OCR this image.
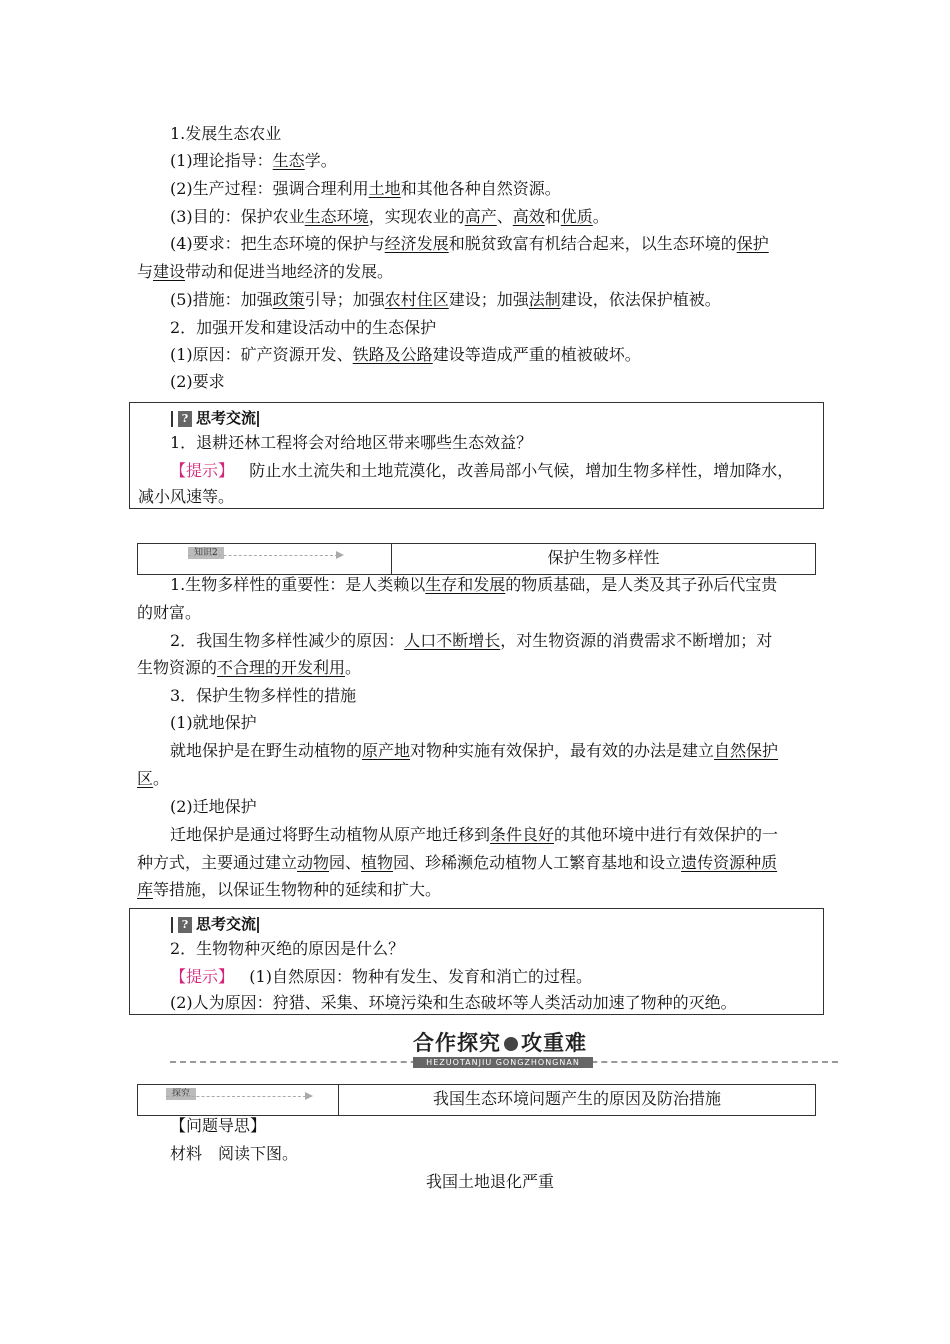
1.发展生态农业
(1)理论指导：生态学。
(2)生产过程：强调合理利用土地和其他各种自然资源。
(3)目的：保护农业生态环境，实现农业的高产、高效和优质。
(4)要求：把生态环境的保护与经济发展和脱贫致富有机结合起来，以生态环境的保护
与建设带动和促进当地经济的发展。
(5)措施：加强政策引导；加强农村住区建设；加强法制建设，依法保护植被。
2．加强开发和建设活动中的生态保护
(1)原因：矿产资源开发、铁路及公路建设等造成严重的植被破坏。
(2)要求
? 思考交流
1．退耕还林工程将会对给地区带来哪些生态效益？
【提示】 防止水土流失和土地荒漠化，改善局部小气候，增加生物多样性，增加降水，
减小风速等。
知识2	保护生物多样性
1.生物多样性的重要性：是人类赖以生存和发展的物质基础，是人类及其子孙后代宝贵
的财富。
2．我国生物多样性减少的原因：人口不断增长，对生物资源的消费需求不断增加；对
生物资源的不合理的开发利用。
3．保护生物多样性的措施
(1)就地保护
就地保护是在野生动植物的原产地对物种实施有效保护，最有效的办法是建立自然保护
区。
(2)迁地保护
迁地保护是通过将野生动植物从原产地迁移到条件良好的其他环境中进行有效保护的一
种方式，主要通过建立动物园、植物园、珍稀濒危动植物人工繁育基地和设立遗传资源种质
库等措施，以保证生物物种的延续和扩大。
? 思考交流
2．生物物种灭绝的原因是什么？
【提示】 (1)自然原因：物种有发生、发育和消亡的过程。
(2)人为原因：狩猎、采集、环境污染和生态破坏等人类活动加速了物种的灭绝。
合作探究 攻重难
HEZUOTANJIU GONGZHONGNAN
探究	我国生态环境问题产生的原因及防治措施
【问题导思】
材料　阅读下图。
我国土地退化严重
